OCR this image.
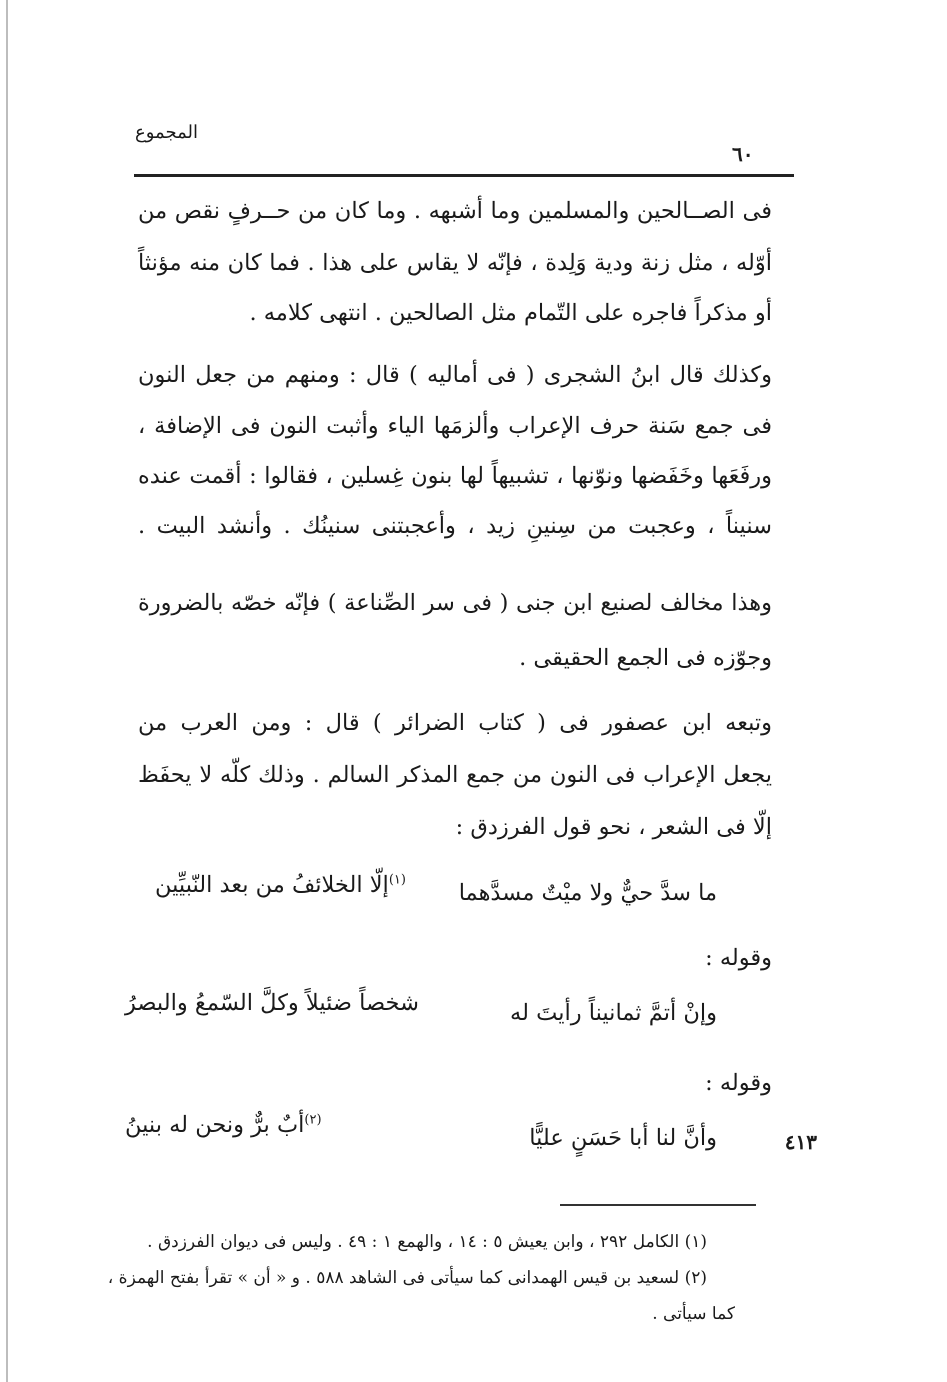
المجموع
٦٠
فى الصــالحين والمسلمين وما أشبهه . وما كان من حــرفٍ نقص من
أوّله ، مثل زنة ودية وَلِدة ، فإنّه لا يقاس على هذا . فما كان منه مؤنثاً
أو مذكراً فاجره على التّمام مثل الصالحين . انتهى كلامه .
وكذلك قال ابنُ الشجرى ( فى أماليه ) قال : ومنهم من جعل النون
فى جمع سَنة حرف الإعراب وألزمَها الياء وأثبت النون فى الإضافة ،
ورفَعَها وخَفَضها ونوّنها ، تشبيهاً لها بنون غِسلين ، فقالوا : أقمت عنده
سنيناً ، وعجبت من سِنينِ زيد ، وأعجبتنى سنينُك . وأنشد البيت .
وهذا مخالف لصنيع ابن جنى ( فى سر الصِّناعة ) فإنّه خصّه بالضرورة
وجوّزه فى الجمع الحقيقى .
وتبعه ابن عصفور فى ( كتاب الضرائر ) قال : ومن العرب من
يجعل الإعراب فى النون من جمع المذكر السالم . وذلك كلّه لا يحفَظ
إلّا فى الشعر ، نحو قول الفرزدق :
ما سدَّ حيٌّ ولا ميْتٌ مسدَّهما
$^{(١)}$إلّا الخلائفُ من بعد النّبيِّين
وقوله :
وإنْ أتمَّ ثمانيناً رأيتَ له
شخصاً ضئيلاً وكلَّ السّمعُ والبصرُ
وقوله :
وأنَّ لنا أبا حَسَنٍ عليًّا
$^{(٢)}$أبٌ برٌّ ونحن له بنينُ
٤١٣
(١) الكامل ٢٩٢ ، وابن يعيش ٥ : ١٤ ، والهمع ١ : ٤٩ . وليس فى ديوان الفرزدق .
(٢) لسعيد بن قيس الهمدانى كما سيأتى فى الشاهد ٥٨٨ . و « أن » تقرأ بفتح الهمزة ،
كما سيأتى .
